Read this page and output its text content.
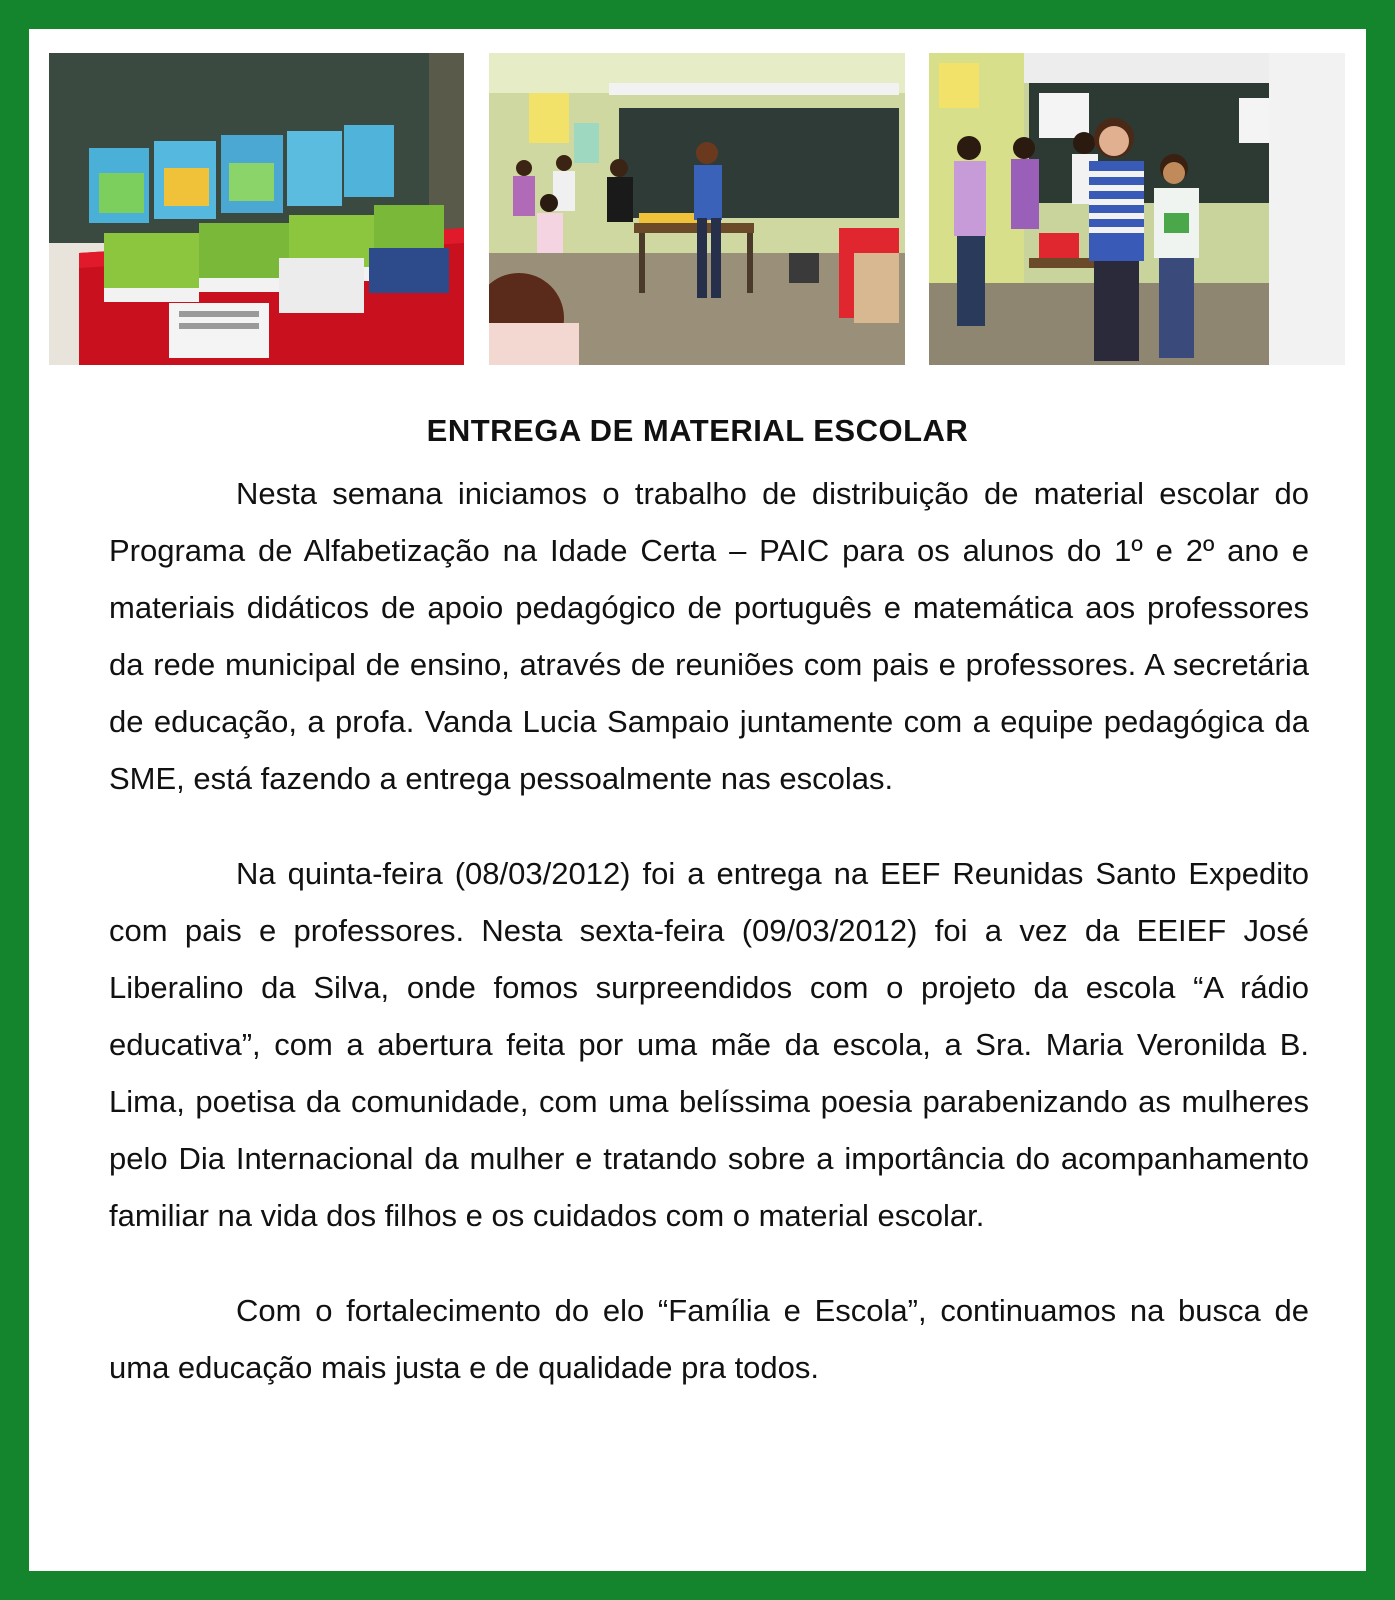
ENTREGA DE MATERIAL ESCOLAR

Nesta semana iniciamos o trabalho de distribuição de material escolar do Programa de Alfabetização na Idade Certa – PAIC para os alunos do 1º e 2º ano e materiais didáticos de apoio pedagógico de português e matemática aos professores da rede municipal de ensino, através de reuniões com pais e professores. A secretária de educação, a profa. Vanda Lucia Sampaio juntamente com a equipe pedagógica da SME, está fazendo a entrega pessoalmente nas escolas.

Na quinta-feira (08/03/2012) foi a entrega na EEF Reunidas Santo Expedito com pais e professores. Nesta sexta-feira (09/03/2012) foi a vez da EEIEF José Liberalino da Silva, onde fomos surpreendidos com o projeto da escola “A rádio educativa”, com a abertura feita por uma mãe da escola, a Sra. Maria Veronilda B. Lima, poetisa da comunidade, com uma belíssima poesia parabenizando as mulheres pelo Dia Internacional da mulher e tratando sobre a importância do acompanhamento familiar na vida dos filhos e os cuidados com o material escolar.

Com o fortalecimento do elo “Família e Escola”, continuamos na busca de uma educação mais justa e de qualidade pra todos.
